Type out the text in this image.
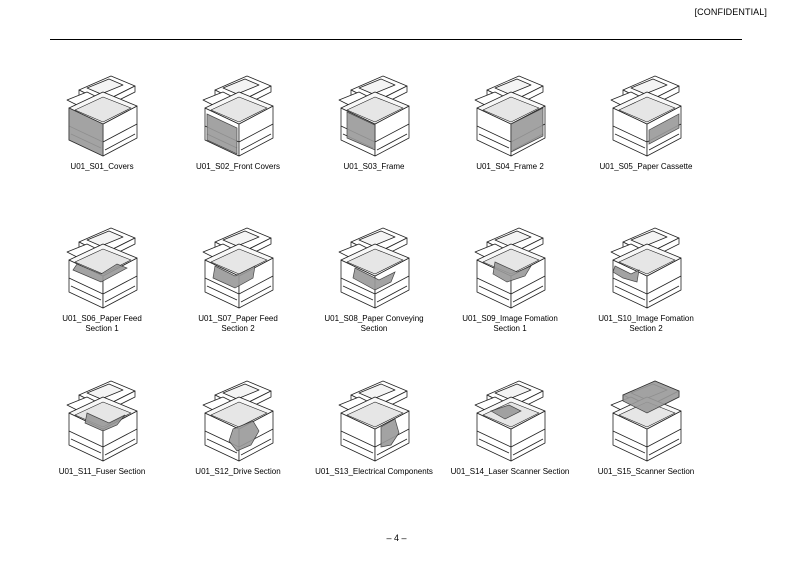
[CONFIDENTIAL]
U01_S01_Covers	U01_S02_Front Covers	U01_S03_Frame	U01_S04_Frame 2	U01_S05_Paper Cassette
U01_S06_Paper Feed
Section 1
U01_S07_Paper Feed
Section 2
U01_S08_Paper Conveying
Section
U01_S09_Image Fomation
Section 1
U01_S10_Image Fomation
Section 2
U01_S11_Fuser Section	U01_S12_Drive Section	U01_S13_Electrical Components	U01_S14_Laser Scanner Section	U01_S15_Scanner Section
– 4 –
